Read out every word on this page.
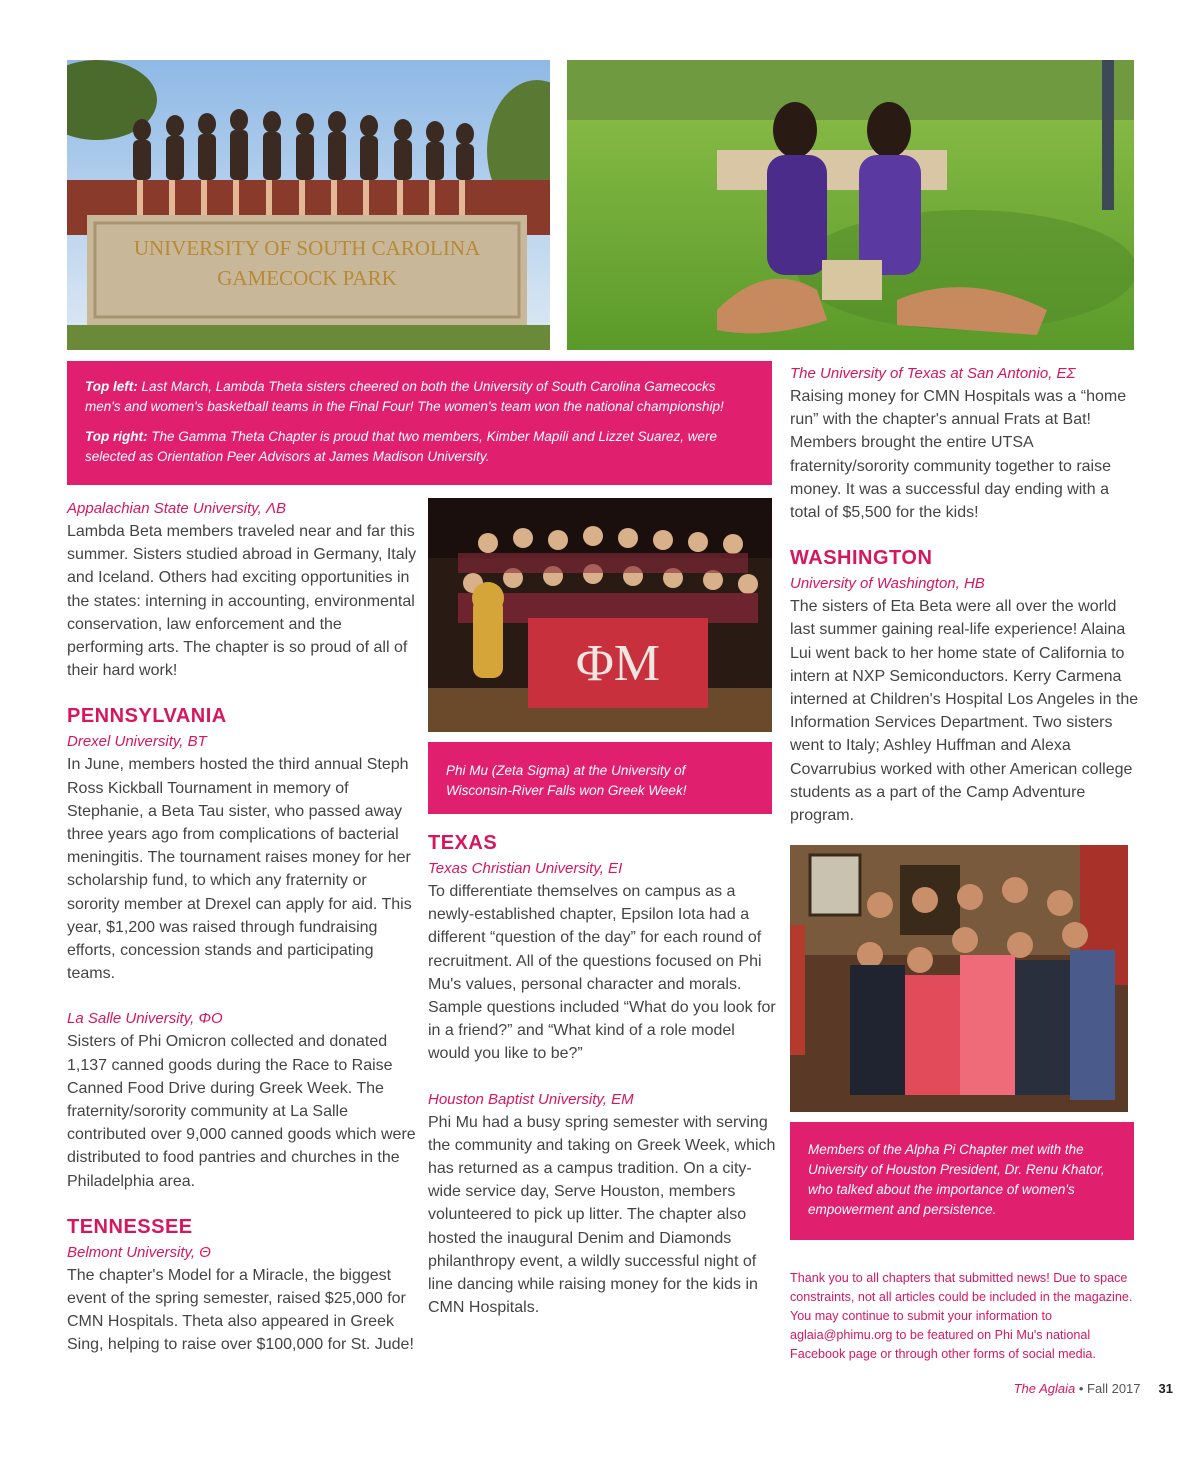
UNIVERSITY OF SOUTH CAROLINA
GAMECOCK PARK

Top left: Last March, Lambda Theta sisters cheered on both the University of South Carolina Gamecocks men's and women's basketball teams in the Final Four! The women's team won the national championship!

Top right: The Gamma Theta Chapter is proud that two members, Kimber Mapili and Lizzet Suarez, were selected as Orientation Peer Advisors at James Madison University.

Appalachian State University, ΛB
Lambda Beta members traveled near and far this summer. Sisters studied abroad in Germany, Italy and Iceland. Others had exciting opportunities in the states: interning in accounting, environmental conservation, law enforcement and the performing arts. The chapter is so proud of all of their hard work!
PENNSYLVANIA
Drexel University, BT
In June, members hosted the third annual Steph Ross Kickball Tournament in memory of Stephanie, a Beta Tau sister, who passed away three years ago from complications of bacterial meningitis. The tournament raises money for her scholarship fund, to which any fraternity or sorority member at Drexel can apply for aid. This year, $1,200 was raised through fundraising efforts, concession stands and participating teams.
La Salle University, ΦO
Sisters of Phi Omicron collected and donated 1,137 canned goods during the Race to Raise Canned Food Drive during Greek Week. The fraternity/sorority community at La Salle contributed over 9,000 canned goods which were distributed to food pantries and churches in the Philadelphia area.
TENNESSEE
Belmont University, Θ
The chapter's Model for a Miracle, the biggest event of the spring semester, raised $25,000 for CMN Hospitals. Theta also appeared in Greek Sing, helping to raise over $100,000 for St. Jude!
ΦM
Phi Mu (Zeta Sigma) at the University of Wisconsin-River Falls won Greek Week!
TEXAS
Texas Christian University, EI
To differentiate themselves on campus as a newly-established chapter, Epsilon Iota had a different “question of the day” for each round of recruitment. All of the questions focused on Phi Mu's values, personal character and morals. Sample questions included “What do you look for in a friend?” and “What kind of a role model would you like to be?”
Houston Baptist University, EM
Phi Mu had a busy spring semester with serving the community and taking on Greek Week, which has returned as a campus tradition. On a city-wide service day, Serve Houston, members volunteered to pick up litter. The chapter also hosted the inaugural Denim and Diamonds philanthropy event, a wildly successful night of line dancing while raising money for the kids in CMN Hospitals.
The University of Texas at San Antonio, EΣ
Raising money for CMN Hospitals was a “home run” with the chapter's annual Frats at Bat! Members brought the entire UTSA fraternity/sorority community together to raise money. It was a successful day ending with a total of $5,500 for the kids!
WASHINGTON
University of Washington, HB
The sisters of Eta Beta were all over the world last summer gaining real-life experience! Alaina Lui went back to her home state of California to intern at NXP Semiconductors. Kerry Carmena interned at Children's Hospital Los Angeles in the Information Services Department. Two sisters went to Italy; Ashley Huffman and Alexa Covarrubius worked with other American college students as a part of the Camp Adventure program.
Members of the Alpha Pi Chapter met with the University of Houston President, Dr. Renu Khator, who talked about the importance of women's empowerment and persistence.
Thank you to all chapters that submitted news! Due to space constraints, not all articles could be included in the magazine. You may continue to submit your information to aglaia@phimu.org to be featured on Phi Mu's national Facebook page or through other forms of social media.
The Aglaia • Fall 2017 31
